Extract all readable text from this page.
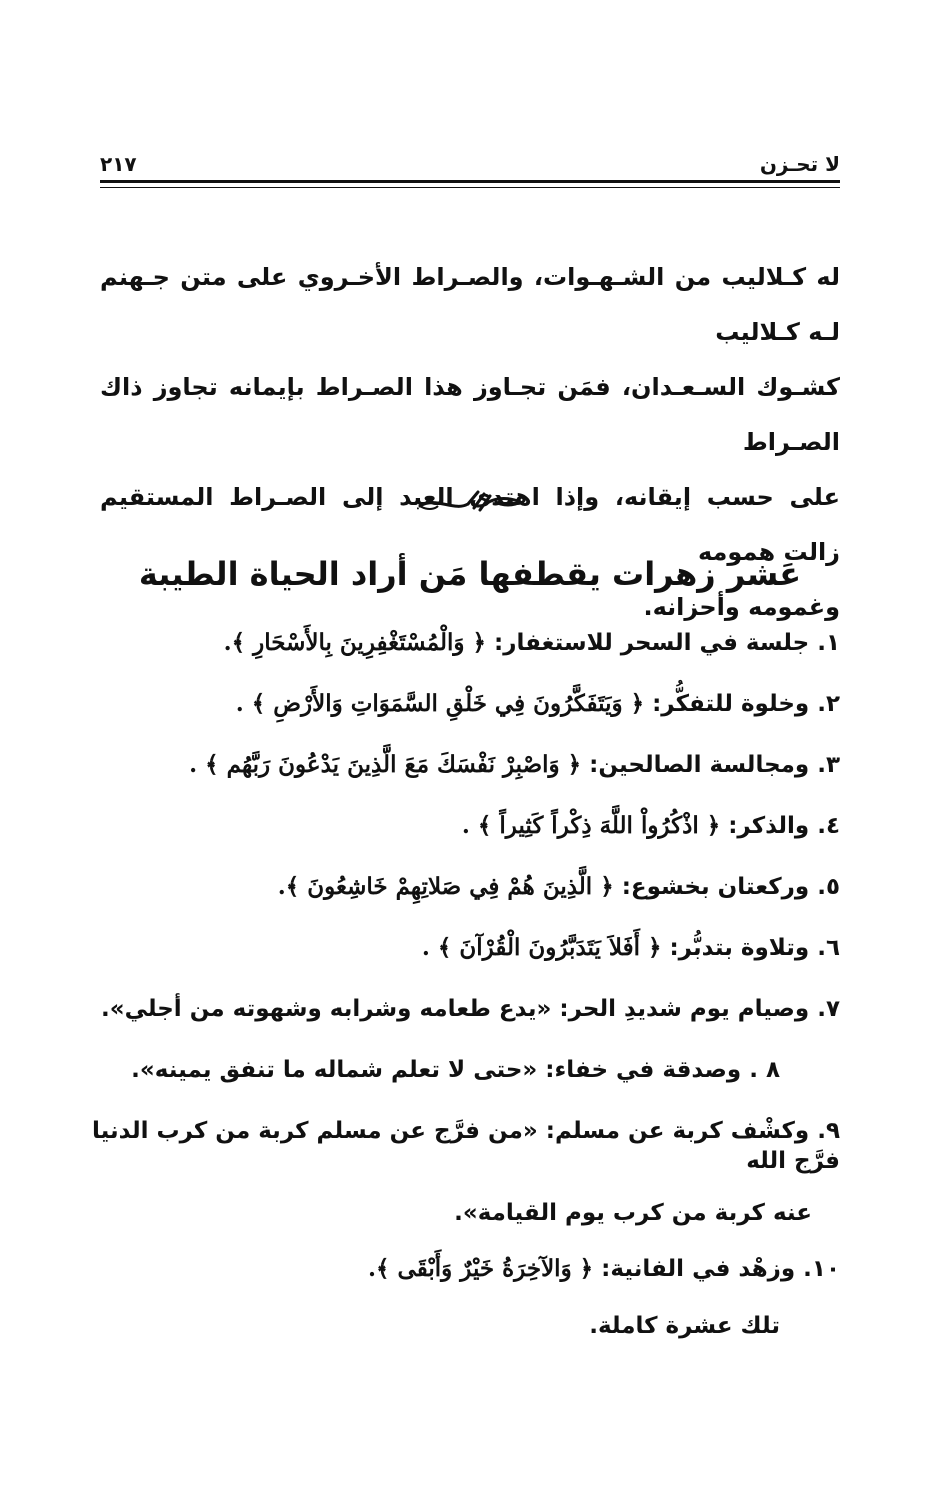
لا تحـزن
٢١٧
له كـلاليب من الشـهـوات، والصـراط الأخـروي على متن جـهنم لـه كـلاليب
كشـوك السـعـدان، فمَن تجـاوز هذا الصـراط بإيمانه تجاوز ذاك الصـراط
على حسب إيقانه، وإذا اهتدى العبد إلى الصـراط المستقيم زالت همومه
وغمومه وأحزانه.
عَشر زهرات يقطفها مَن أراد الحياة الطيبة
١. جلسة في السحر للاستغفار: ﴿ وَالْمُسْتَغْفِرِينَ بِالأَسْحَارِ ﴾.
٢. وخلوة للتفكُّر: ﴿ وَيَتَفَكَّرُونَ فِي خَلْقِ السَّمَوَاتِ وَالأَرْضِ ﴾ .
٣. ومجالسة الصالحين: ﴿ وَاصْبِرْ نَفْسَكَ مَعَ الَّذِينَ يَدْعُونَ رَبَّهُم ﴾ .
٤. والذكر: ﴿ اذْكُرُواْ اللَّهَ ذِكْراً كَثِيراً ﴾ .
٥. وركعتان بخشوع: ﴿ الَّذِينَ هُمْ فِي صَلاتِهِمْ خَاشِعُونَ ﴾.
٦. وتلاوة بتدبُّر: ﴿ أَفَلاَ يَتَدَبَّرُونَ الْقُرْآنَ ﴾ .
٧. وصيام يوم شديدِ الحر: «يدع طعامه وشرابه وشهوته من أجلي».
٨ . وصدقة في خفاء: «حتى لا تعلم شماله ما تنفق يمينه».
٩. وكشْف كربة عن مسلم: «من فرَّج عن مسلم كربة من كرب الدنيا فرَّج الله
عنه كربة من كرب يوم القيامة».
١٠. وزهْد في الفانية: ﴿ وَالآخِرَةُ خَيْرٌ وَأَبْقَى ﴾.
تلك عشرة كاملة.
